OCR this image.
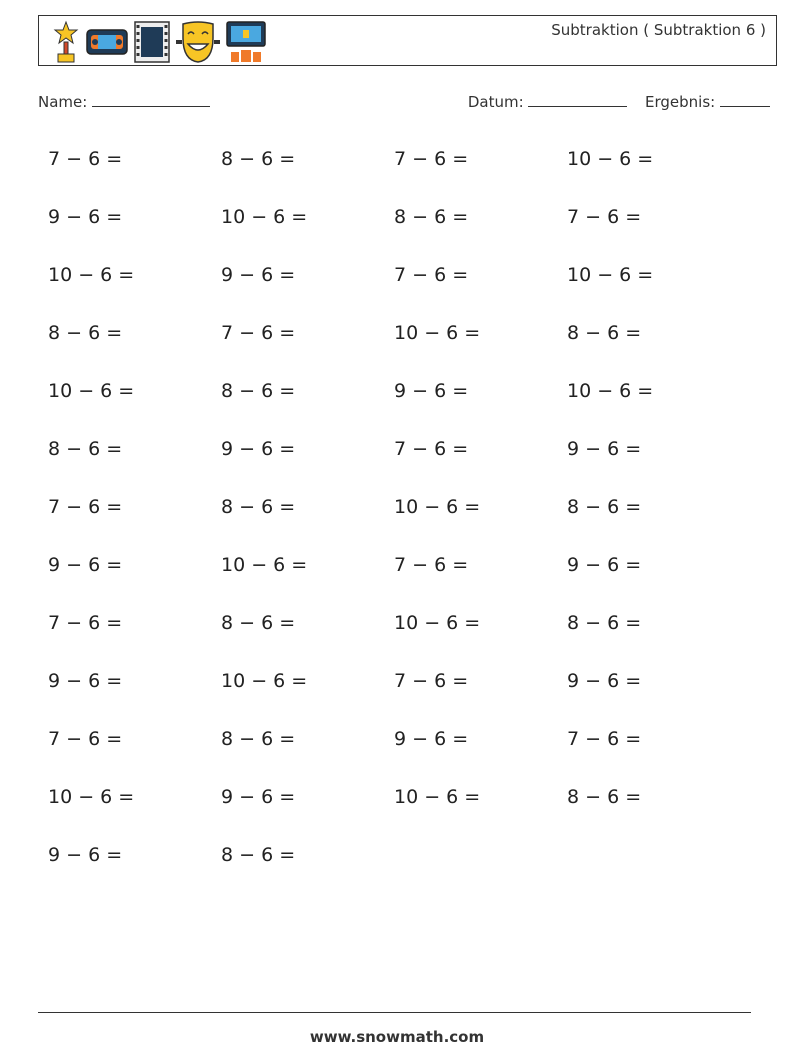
Subtraktion ( Subtraktion 6 )
Name:	Datum:	Ergebnis:
7 − 6 =	8 − 6 =	7 − 6 =	10 − 6 =
9 − 6 =	10 − 6 =	8 − 6 =	7 − 6 =
10 − 6 =	9 − 6 =	7 − 6 =	10 − 6 =
8 − 6 =	7 − 6 =	10 − 6 =	8 − 6 =
10 − 6 =	8 − 6 =	9 − 6 =	10 − 6 =
8 − 6 =	9 − 6 =	7 − 6 =	9 − 6 =
7 − 6 =	8 − 6 =	10 − 6 =	8 − 6 =
9 − 6 =	10 − 6 =	7 − 6 =	9 − 6 =
7 − 6 =	8 − 6 =	10 − 6 =	8 − 6 =
9 − 6 =	10 − 6 =	7 − 6 =	9 − 6 =
7 − 6 =	8 − 6 =	9 − 6 =	7 − 6 =
10 − 6 =	9 − 6 =	10 − 6 =	8 − 6 =
9 − 6 =	8 − 6 =
www.snowmath.com
